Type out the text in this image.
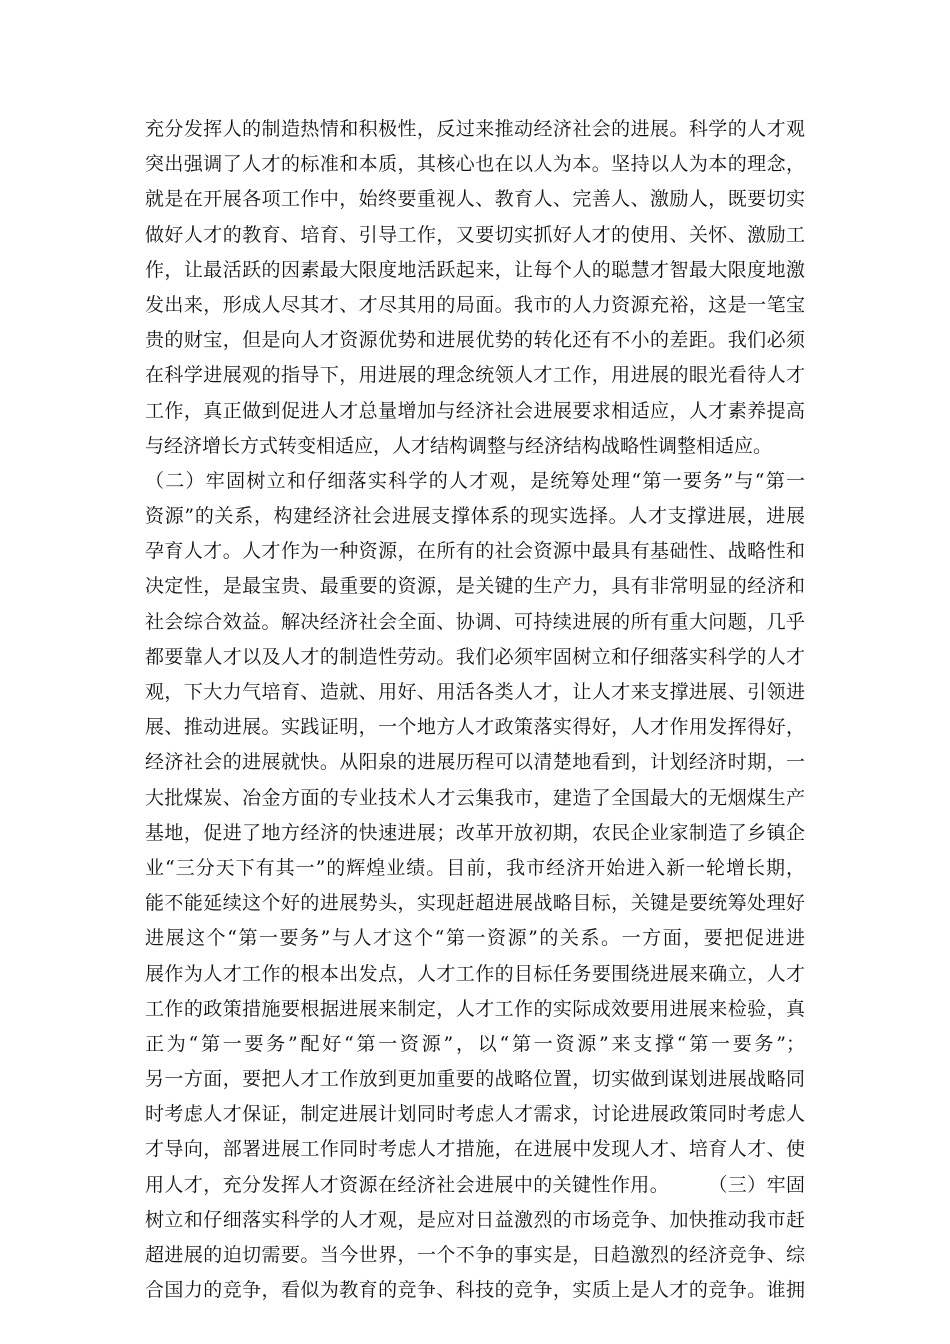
充分发挥人的制造热情和积极性，反过来推动经济社会的进展。科学的人才观
突出强调了人才的标准和本质，其核心也在以人为本。坚持以人为本的理念，
就是在开展各项工作中，始终要重视人、教育人、完善人、激励人，既要切实
做好人才的教育、培育、引导工作，又要切实抓好人才的使用、关怀、激励工
作，让最活跃的因素最大限度地活跃起来，让每个人的聪慧才智最大限度地激
发出来，形成人尽其才、才尽其用的局面。我市的人力资源充裕，这是一笔宝
贵的财宝，但是向人才资源优势和进展优势的转化还有不小的差距。我们必须
在科学进展观的指导下，用进展的理念统领人才工作，用进展的眼光看待人才
工作，真正做到促进人才总量增加与经济社会进展要求相适应，人才素养提高
与经济增长方式转变相适应，人才结构调整与经济结构战略性调整相适应。
（二）牢固树立和仔细落实科学的人才观，是统筹处理“第一要务”与“第一
资源”的关系，构建经济社会进展支撑体系的现实选择。人才支撑进展，进展
孕育人才。人才作为一种资源，在所有的社会资源中最具有基础性、战略性和
决定性，是最宝贵、最重要的资源，是关键的生产力，具有非常明显的经济和
社会综合效益。解决经济社会全面、协调、可持续进展的所有重大问题，几乎
都要靠人才以及人才的制造性劳动。我们必须牢固树立和仔细落实科学的人才
观，下大力气培育、造就、用好、用活各类人才，让人才来支撑进展、引领进
展、推动进展。实践证明，一个地方人才政策落实得好，人才作用发挥得好，
经济社会的进展就快。从阳泉的进展历程可以清楚地看到，计划经济时期，一
大批煤炭、冶金方面的专业技术人才云集我市，建造了全国最大的无烟煤生产
基地，促进了地方经济的快速进展；改革开放初期，农民企业家制造了乡镇企
业“三分天下有其一”的辉煌业绩。目前，我市经济开始进入新一轮增长期，
能不能延续这个好的进展势头，实现赶超进展战略目标，关键是要统筹处理好
进展这个“第一要务”与人才这个“第一资源”的关系。一方面，要把促进进
展作为人才工作的根本出发点，人才工作的目标任务要围绕进展来确立，人才
工作的政策措施要根据进展来制定，人才工作的实际成效要用进展来检验，真
正为“第一要务”配好“第一资源”，以“第一资源”来支撑“第一要务”；
另一方面，要把人才工作放到更加重要的战略位置，切实做到谋划进展战略同
时考虑人才保证，制定进展计划同时考虑人才需求，讨论进展政策同时考虑人
才导向，部署进展工作同时考虑人才措施，在进展中发现人才、培育人才、使
用人才，充分发挥人才资源在经济社会进展中的关键性作用。　　　（三）牢固
树立和仔细落实科学的人才观，是应对日益激烈的市场竞争、加快推动我市赶
超进展的迫切需要。当今世界，一个不争的事实是，日趋激烈的经济竞争、综
合国力的竞争，看似为教育的竞争、科技的竞争，实质上是人才的竞争。谁拥
